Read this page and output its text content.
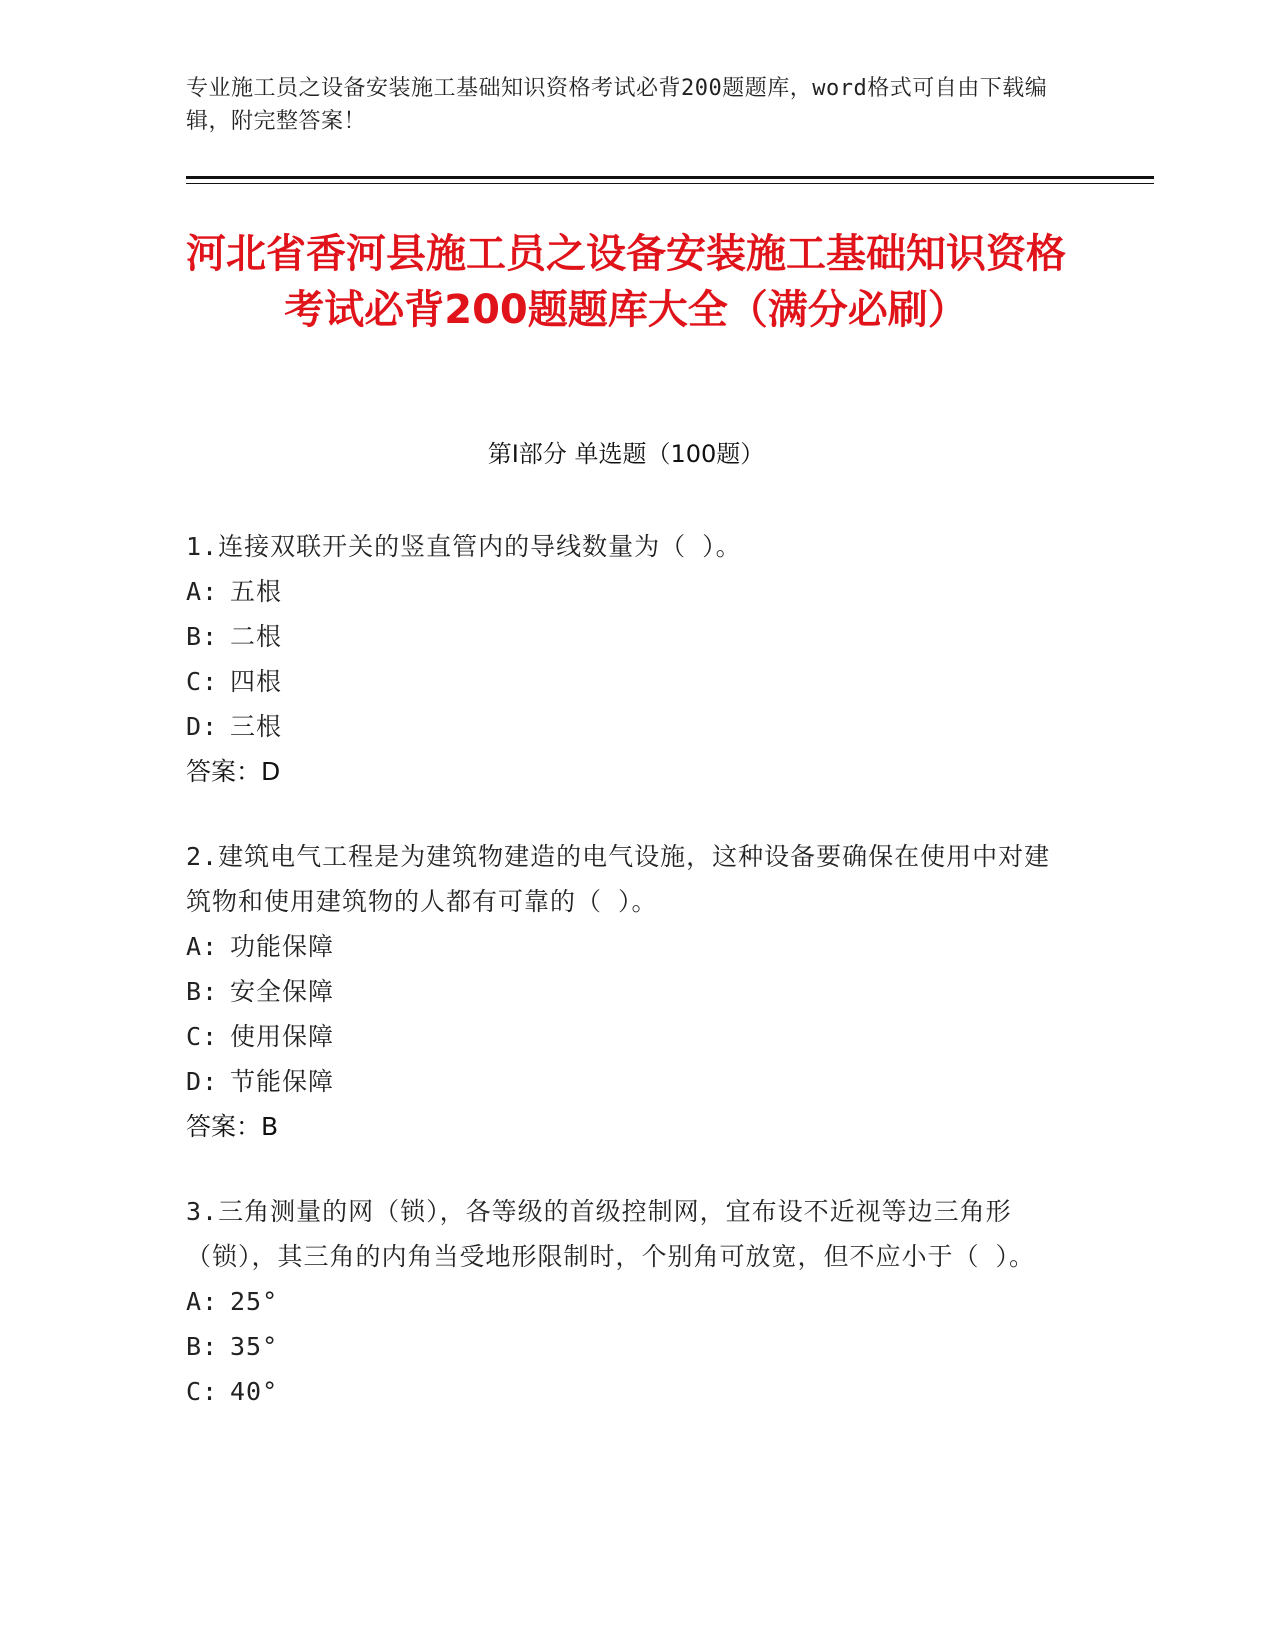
专业施工员之设备安装施工基础知识资格考试必背200题题库，word格式可自由下载编辑，附完整答案！
河北省香河县施工员之设备安装施工基础知识资格考试必背200题题库大全（满分必刷）
第Ⅰ部分 单选题（100题）
1.连接双联开关的竖直管内的导线数量为（ ）。
A: 五根
B: 二根
C: 四根
D: 三根
答案：D
2.建筑电气工程是为建筑物建造的电气设施，这种设备要确保在使用中对建筑物和使用建筑物的人都有可靠的（ ）。
A: 功能保障
B: 安全保障
C: 使用保障
D: 节能保障
答案：B
3.三角测量的网（锁），各等级的首级控制网，宜布设不近视等边三角形（锁），其三角的内角当受地形限制时，个别角可放宽，但不应小于（ ）。
A: 25°
B: 35°
C: 40°
